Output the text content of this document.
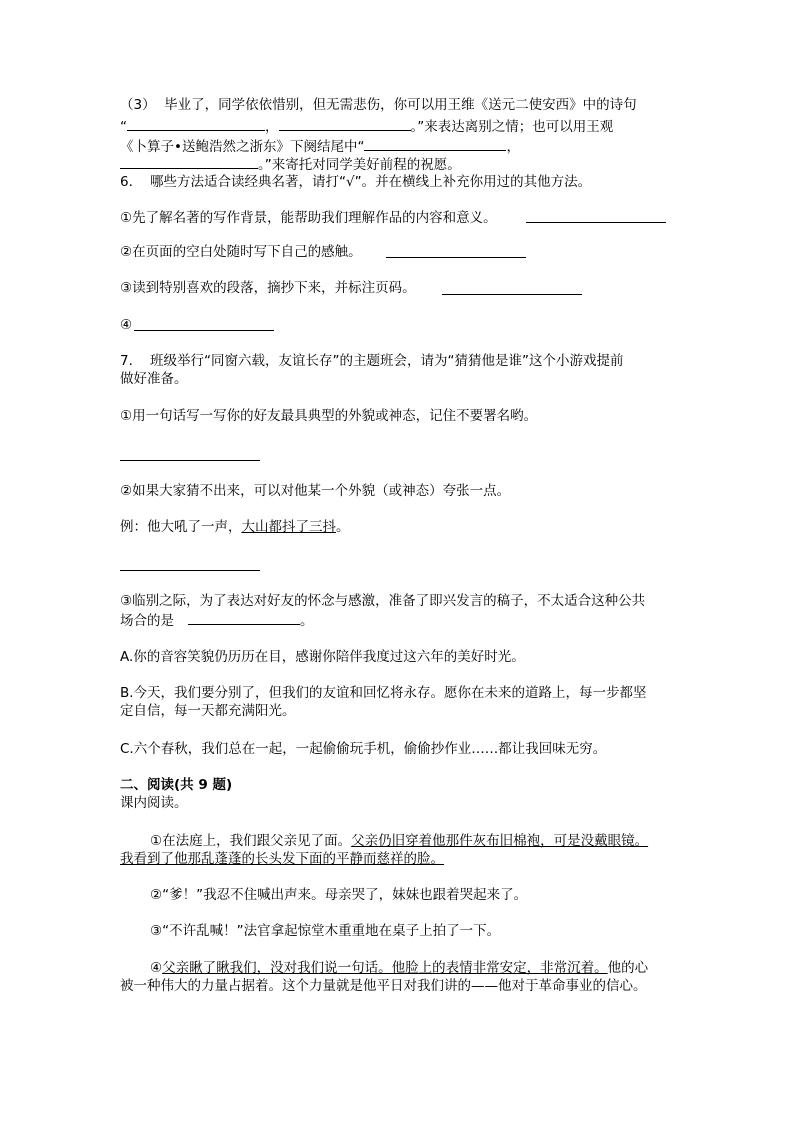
（3）  毕业了，同学依依惜别，但无需悲伤，你可以用王维《送元二使安西》中的诗句
“	，	。”来表达离别之情；也可以用王观
《卜算子•送鲍浩然之浙东》下阕结尾中“	，
。”来寄托对同学美好前程的祝愿。
6.    哪些方法适合读经典名著，请打“√”。并在横线上补充你用过的其他方法。
①先了解名著的写作背景，能帮助我们理解作品的内容和意义。
②在页面的空白处随时写下自己的感触。
③读到特别喜欢的段落，摘抄下来，并标注页码。
④
7.    班级举行“同窗六载，友谊长存”的主题班会，请为“猜猜他是谁”这个小游戏提前
做好准备。
①用一句话写一写你的好友最具典型的外貌或神态，记住不要署名哟。
②如果大家猜不出来，可以对他某一个外貌（或神态）夸张一点。
例：他大吼了一声，大山都抖了三抖。
③临别之际，为了表达对好友的怀念与感激，准备了即兴发言的稿子，不太适合这种公共
场合的是	。
A.你的音容笑貌仍历历在目，感谢你陪伴我度过这六年的美好时光。
B.今天，我们要分别了，但我们的友谊和回忆将永存。愿你在未来的道路上，每一步都坚
定自信，每一天都充满阳光。
C.六个春秋，我们总在一起，一起偷偷玩手机，偷偷抄作业……都让我回味无穷。
二、阅读(共 9 题)
课内阅读。
①在法庭上，我们跟父亲见了面。父亲仍旧穿着他那件灰布旧棉袍，可是没戴眼镜。
我看到了他那乱蓬蓬的长头发下面的平静而慈祥的脸。
②“爹！”我忍不住喊出声来。母亲哭了，妹妹也跟着哭起来了。
③“不许乱喊！”法官拿起惊堂木重重地在桌子上拍了一下。
④父亲瞅了瞅我们，没对我们说一句话。他脸上的表情非常安定，非常沉着。他的心
被一种伟大的力量占据着。这个力量就是他平日对我们讲的——他对于革命事业的信心。
